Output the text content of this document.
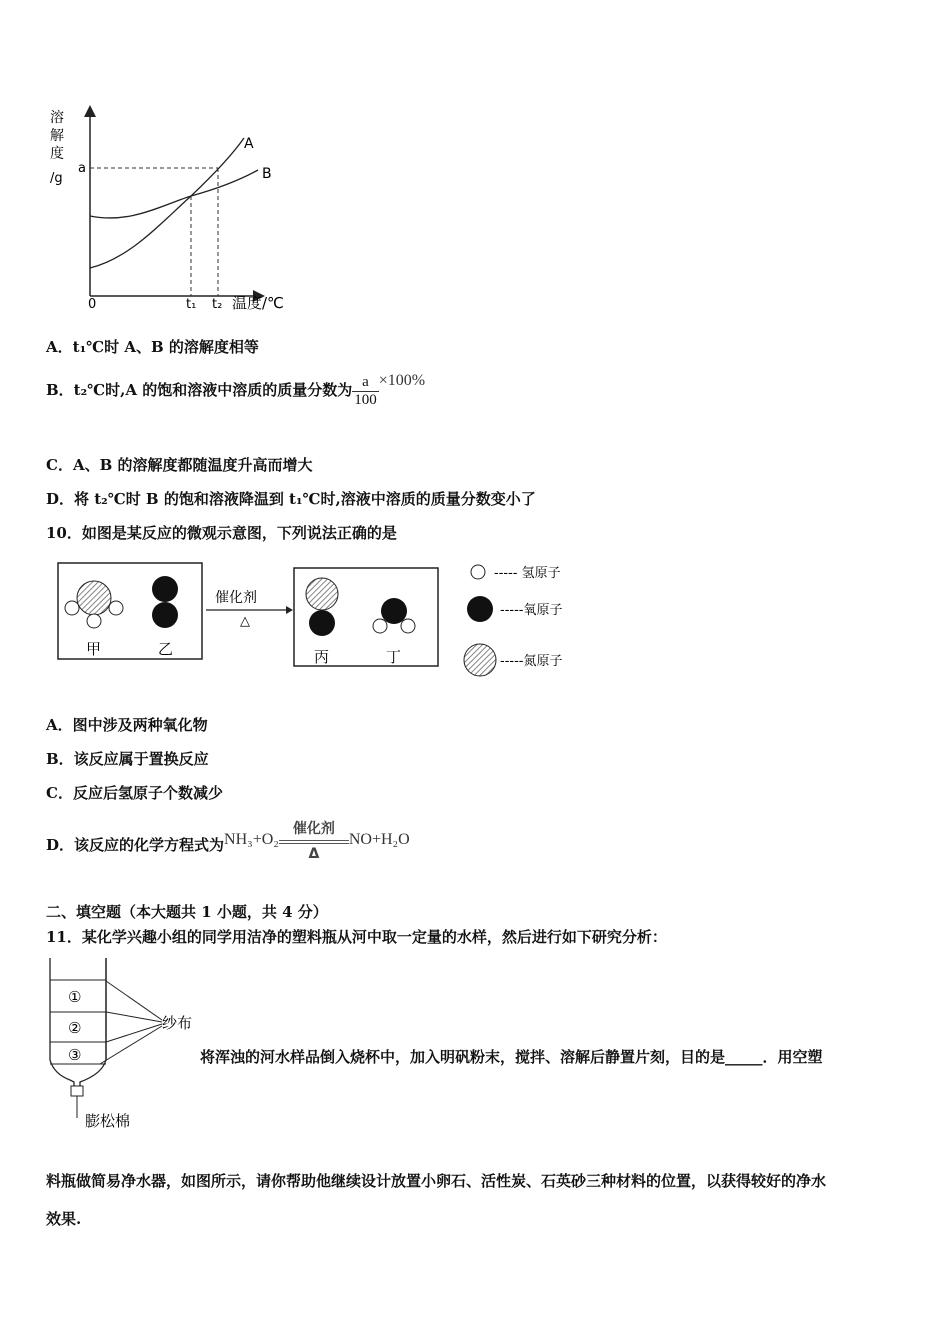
溶
解
度
/g
a
A
B
0	t₁ t₂ 温度/℃
A．t₁℃时 A、B 的溶解度相等
B．t₂℃时,A 的饱和溶液中溶质的质量分数为 $\frac{a}{100} \times 100\%$
C．A、B 的溶解度都随温度升高而增大
D．将 t₂℃时 B 的饱和溶液降温到 t₁℃时,溶液中溶质的质量分数变小了
10．如图是某反应的微观示意图，下列说法正确的是
甲	乙
催化剂
△
丙	丁
----- 氢原子
-----氧原子
-----氮原子
A．图中涉及两种氧化物
B．该反应属于置换反应
C．反应后氢原子个数减少
D．该反应的化学方程式为NH₃+O₂
催化剂
Δ
NO+H₂O
二、填空题（本大题共 1 小题，共 4 分）
11．某化学兴趣小组的同学用洁净的塑料瓶从河中取一定量的水样，然后进行如下研究分析：
①
②
③
纱布
膨松棉
将浑浊的河水样品倒入烧杯中，加入明矾粉末，搅拌、溶解后静置片刻，目的是_____．用空塑
料瓶做简易净水器，如图所示，请你帮助他继续设计放置小卵石、活性炭、石英砂三种材料的位置，以获得较好的净水
效果.
